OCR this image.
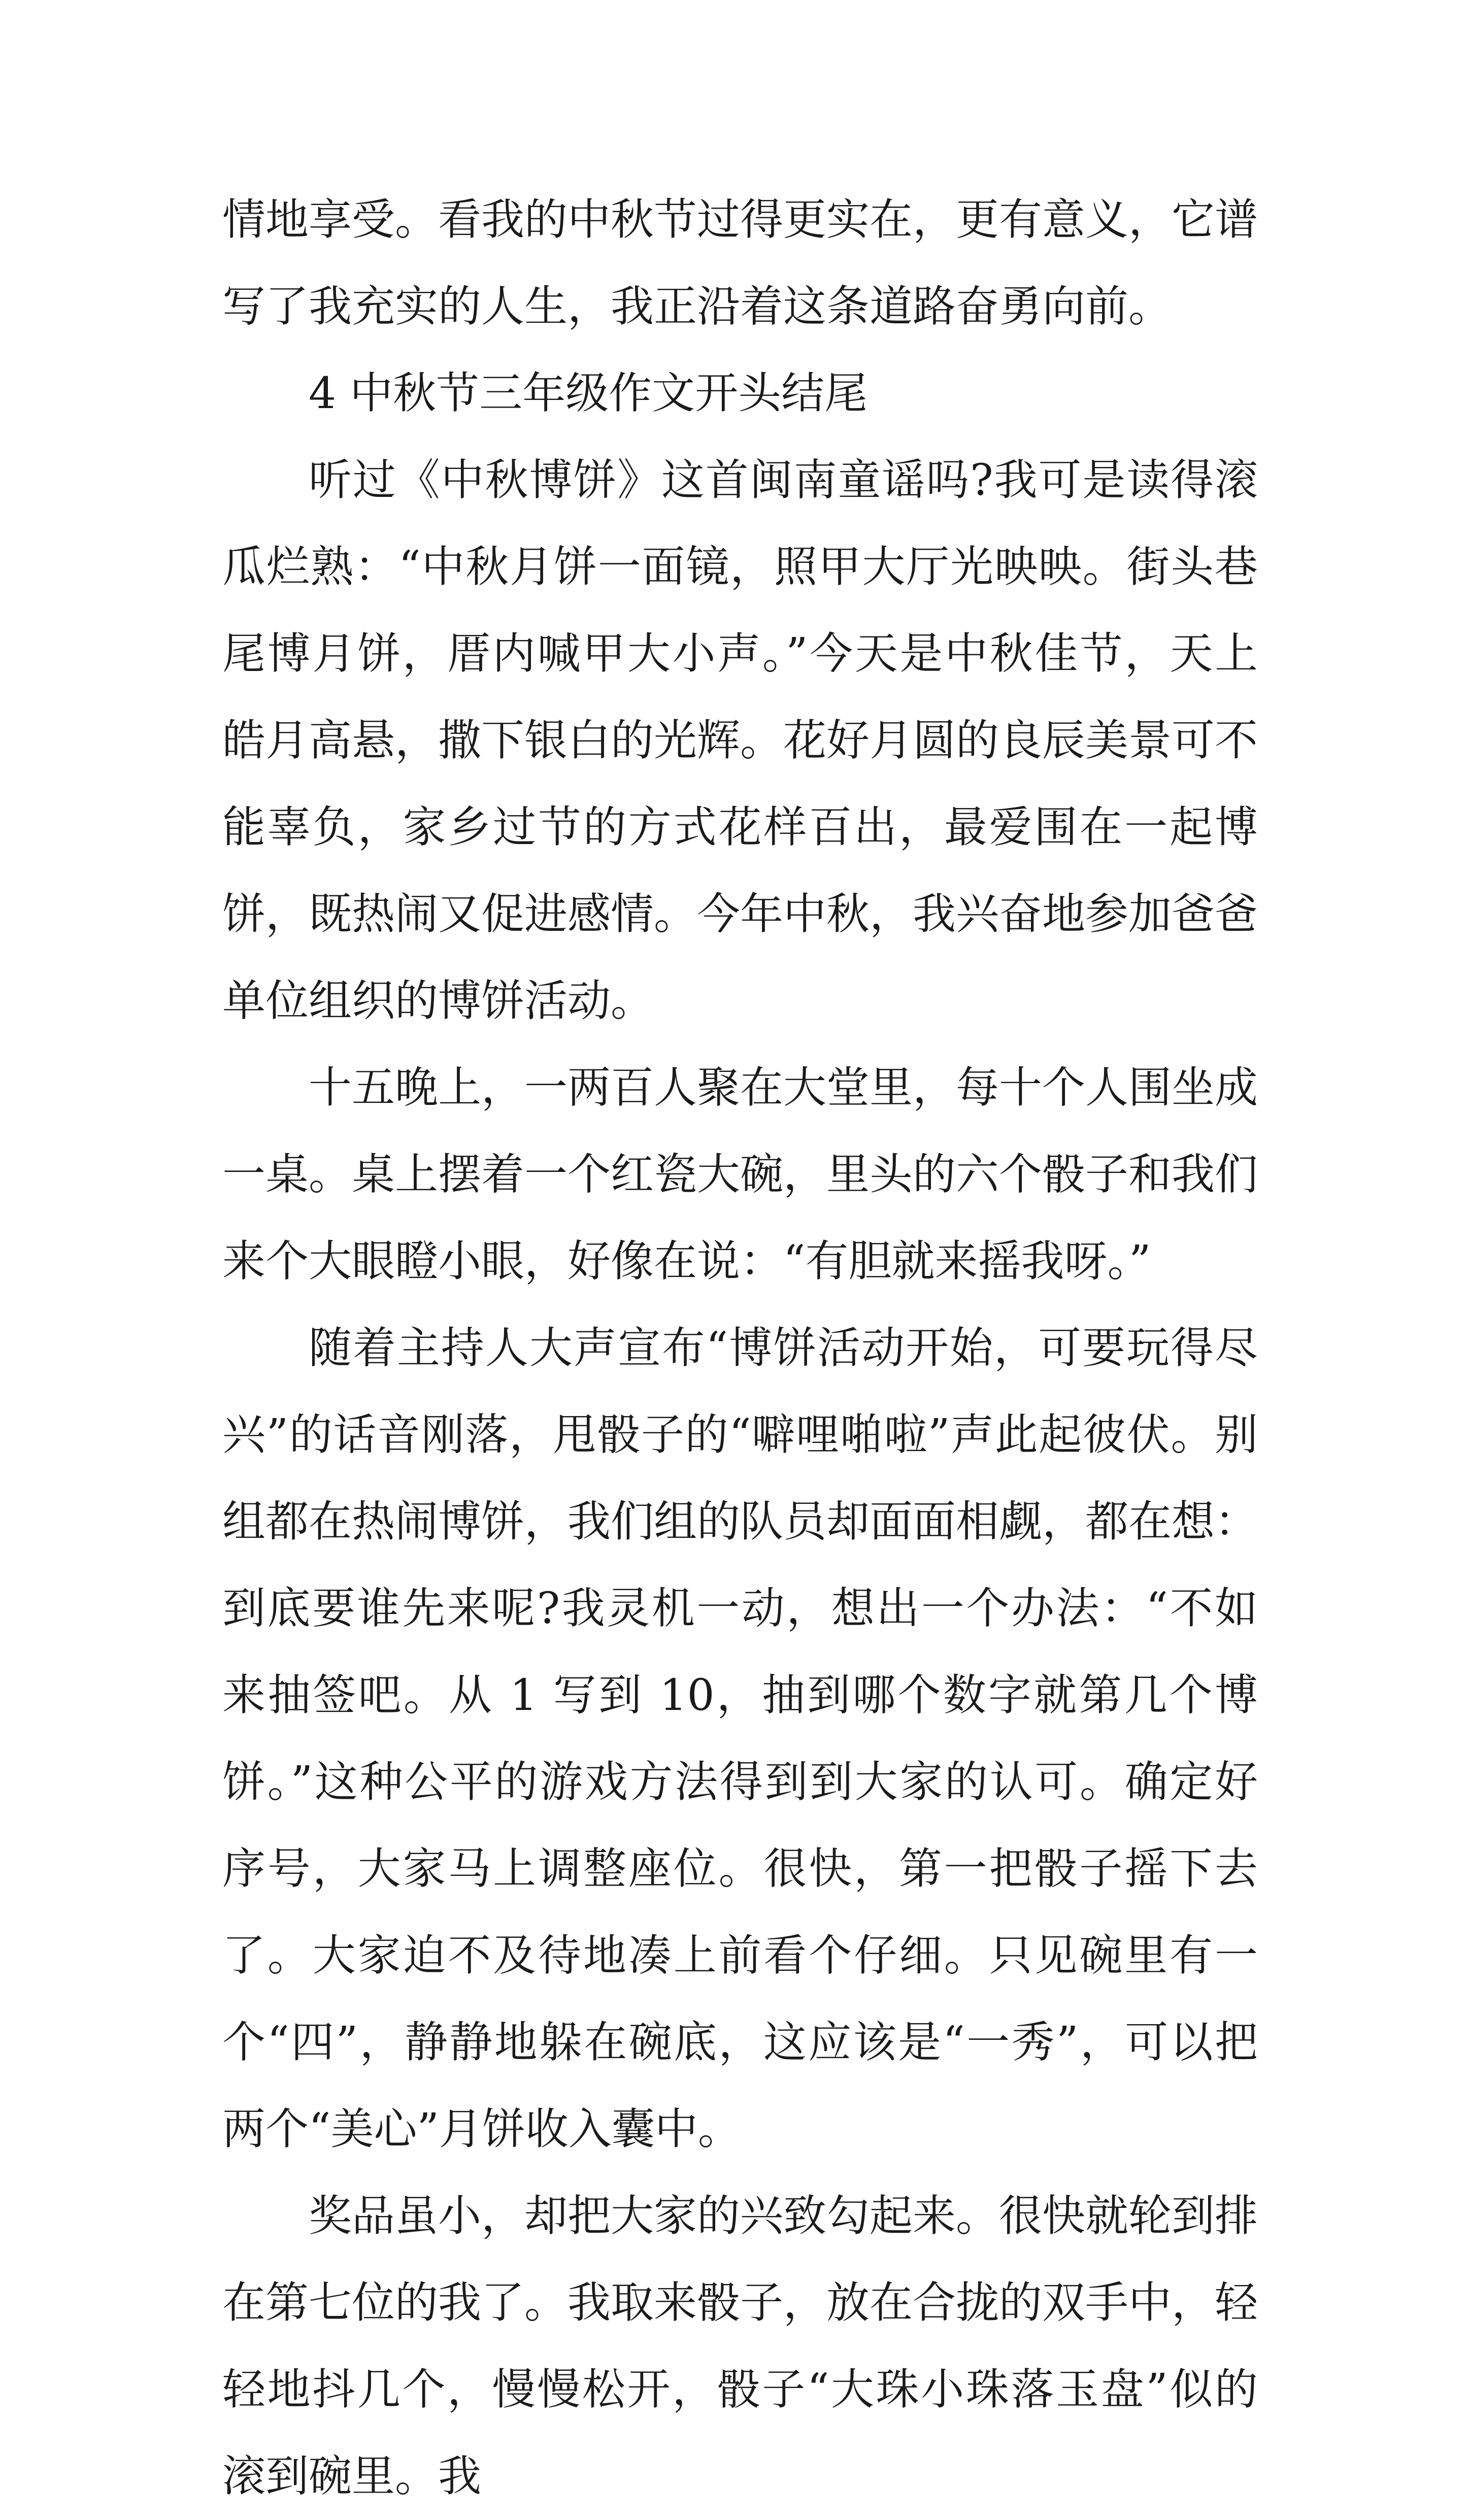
情地享受。看我的中秋节过得更实在，更有意义，它谱写了我充实的人生，我正沿着这条道路奋勇向前。

4 中秋节三年级作文开头结尾

听过《中秋博饼》这首闽南童谣吗?我可是读得滚瓜烂熟：“中秋月饼一面镜，照甲大厅光映映。街头巷尾博月饼，厝内喊甲大小声。”今天是中秋佳节，天上皓月高悬，撒下银白的光辉。花好月圆的良辰美景可不能辜负，家乡过节的方式花样百出，最爱围在一起博饼，既热闹又促进感情。今年中秋，我兴奋地参加爸爸单位组织的博饼活动。

十五晚上，一两百人聚在大堂里，每十个人围坐成一桌。桌上摆着一个红瓷大碗，里头的六个骰子和我们来个大眼瞪小眼，好像在说：“有胆就来摇我呀。”

随着主持人大声宣布“博饼活动开始，可要玩得尽兴”的话音刚落，甩骰子的“噼哩啪啦”声此起彼伏。别组都在热闹博饼，我们组的队员却面面相觑，都在想：到底要谁先来呢?我灵机一动，想出一个办法：“不如来抽签吧。从 1 写到 10，抽到哪个数字就第几个博饼。”这种公平的游戏方法得到到大家的认可。确定好序号，大家马上调整座位。很快，第一把骰子摇下去了。大家迫不及待地凑上前看个仔细。只见碗里有一个“四”，静静地躲在碗底，这应该是“一秀”，可以把两个“美心”月饼收入囊中。

奖品虽小，却把大家的兴致勾起来。很快就轮到排在第七位的我了。我取来骰子，放在合拢的双手中，轻轻地抖几个，慢慢松开，骰子“大珠小珠落玉盘”似的滚到碗里。我
